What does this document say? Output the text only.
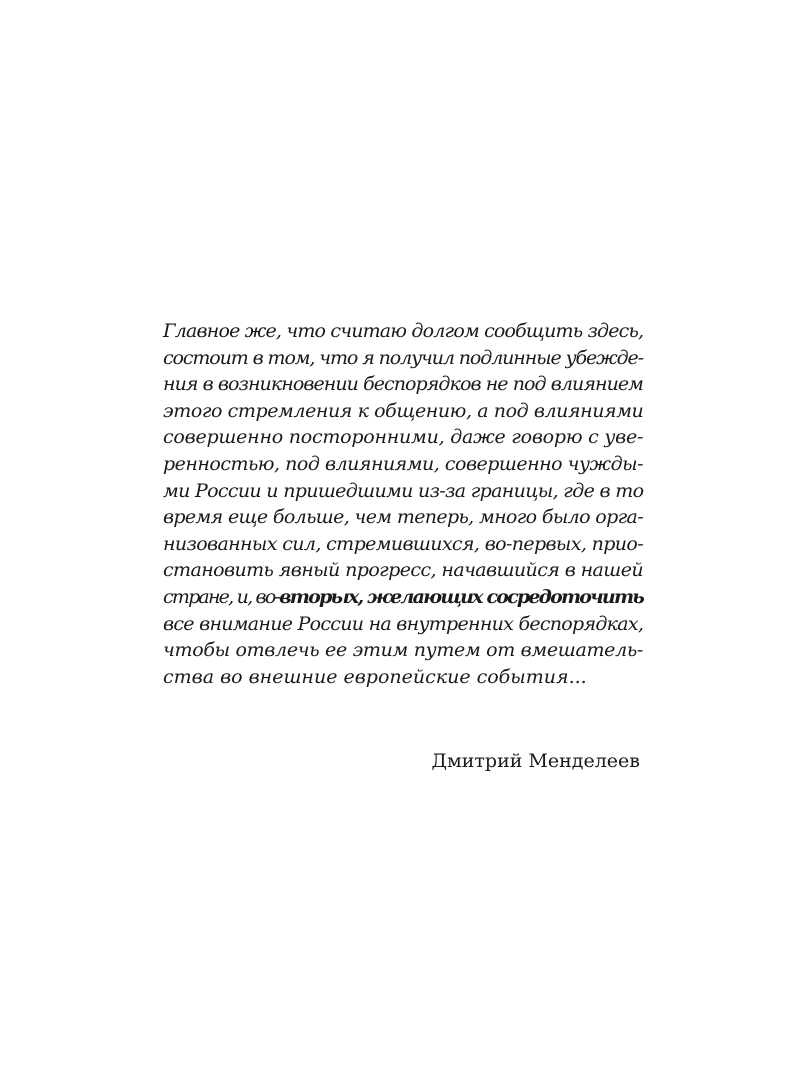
Главное же, что считаю долгом сообщить здесь,
состоит в том, что я получил подлинные убежде-
ния в возникновении беспорядков не под влиянием
этого стремления к общению, а под влияниями
совершенно посторонними, даже говорю с уве-
ренностью, под влияниями, совершенно чужды-
ми России и пришедшими из-за границы, где в то
время еще больше, чем теперь, много было орга-
низованных сил, стремившихся, во-первых, прио-
становить явный прогресс, начавшийся в нашей
стране, и, во-вторых, желающих сосредоточить
все внимание России на внутренних беспорядках,
чтобы отвлечь ее этим путем от вмешатель-
ства во внешние европейские события...
Дмитрий Менделеев
